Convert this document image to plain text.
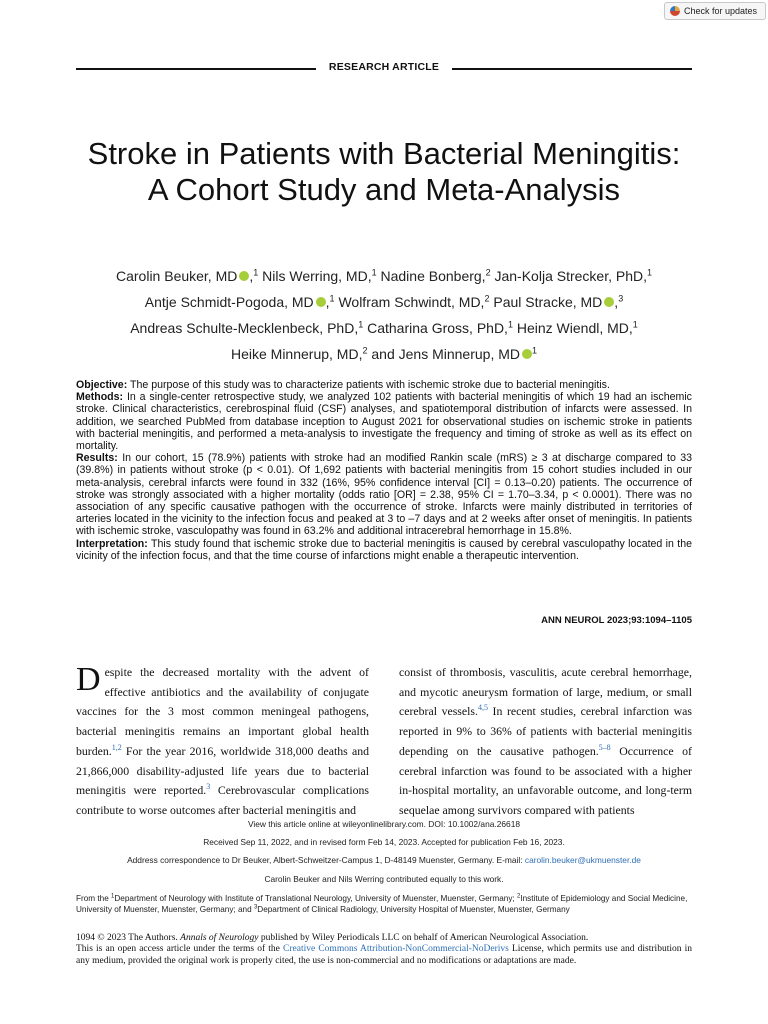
Check for updates
RESEARCH ARTICLE
Stroke in Patients with Bacterial Meningitis: A Cohort Study and Meta-Analysis
Carolin Beuker, MD ,$^1$ Nils Werring, MD,$^1$ Nadine Bonberg,$^2$ Jan-Kolja Strecker, PhD,$^1$
Antje Schmidt-Pogoda, MD ,$^1$ Wolfram Schwindt, MD,$^2$ Paul Stracke, MD ,$^3$
Andreas Schulte-Mecklenbeck, PhD,$^1$ Catharina Gross, PhD,$^1$ Heinz Wiendl, MD,$^1$
Heike Minnerup, MD,$^2$ and Jens Minnerup, MD $^1$

Objective: The purpose of this study was to characterize patients with ischemic stroke due to bacterial meningitis.

Methods: In a single-center retrospective study, we analyzed 102 patients with bacterial meningitis of which 19 had an ischemic stroke. Clinical characteristics, cerebrospinal fluid (CSF) analyses, and spatiotemporal distribution of infarcts were assessed. In addition, we searched PubMed from database inception to August 2021 for observational studies on ischemic stroke in patients with bacterial meningitis, and performed a meta-analysis to investigate the frequency and timing of stroke as well as its effect on mortality.

Results: In our cohort, 15 (78.9%) patients with stroke had an modified Rankin scale (mRS) ≥ 3 at discharge compared to 33 (39.8%) in patients without stroke (p < 0.01). Of 1,692 patients with bacterial meningitis from 15 cohort studies included in our meta-analysis, cerebral infarcts were found in 332 (16%, 95% confidence interval [CI] = 0.13–0.20) patients. The occurrence of stroke was strongly associated with a higher mortality (odds ratio [OR] = 2.38, 95% CI = 1.70–3.34, p < 0.0001). There was no association of any specific causative pathogen with the occurrence of stroke. Infarcts were mainly distributed in territories of arteries located in the vicinity to the infection focus and peaked at 3 to –7 days and at 2 weeks after onset of meningitis. In patients with ischemic stroke, vasculopathy was found in 63.2% and additional intracerebral hemorrhage in 15.8%.

Interpretation: This study found that ischemic stroke due to bacterial meningitis is caused by cerebral vasculopathy located in the vicinity of the infection focus, and that the time course of infarctions might enable a therapeutic intervention.

ANN NEUROL 2023;93:1094–1105
Despite the decreased mortality with the advent of effective antibiotics and the availability of conjugate vaccines for the 3 most common meningeal pathogens, bacterial meningitis remains an important global health burden.$^{1,2}$ For the year 2016, worldwide 318,000 deaths and 21,866,000 disability-adjusted life years due to bacterial meningitis were reported.$^3$ Cerebrovascular complications contribute to worse outcomes after bacterial meningitis and
consist of thrombosis, vasculitis, acute cerebral hemorrhage, and mycotic aneurysm formation of large, medium, or small cerebral vessels.$^{4,5}$ In recent studies, cerebral infarction was reported in 9% to 36% of patients with bacterial meningitis depending on the causative pathogen.$^{5-8}$ Occurrence of cerebral infarction was found to be associated with a higher in-hospital mortality, an unfavorable outcome, and long-term sequelae among survivors compared with patients
View this article online at wileyonlinelibrary.com. DOI: 10.1002/ana.26618
Received Sep 11, 2022, and in revised form Feb 14, 2023. Accepted for publication Feb 16, 2023.
Address correspondence to Dr Beuker, Albert-Schweitzer-Campus 1, D-48149 Muenster, Germany. E-mail: carolin.beuker@ukmuenster.de
Carolin Beuker and Nils Werring contributed equally to this work.
From the $^1$Department of Neurology with Institute of Translational Neurology, University of Muenster, Muenster, Germany; $^2$Institute of Epidemiology and Social Medicine, University of Muenster, Muenster, Germany; and $^3$Department of Clinical Radiology, University Hospital of Muenster, Muenster, Germany
1094 © 2023 The Authors. Annals of Neurology published by Wiley Periodicals LLC on behalf of American Neurological Association.
This is an open access article under the terms of the Creative Commons Attribution-NonCommercial-NoDerivs License, which permits use and distribution in any medium, provided the original work is properly cited, the use is non-commercial and no modifications or adaptations are made.
